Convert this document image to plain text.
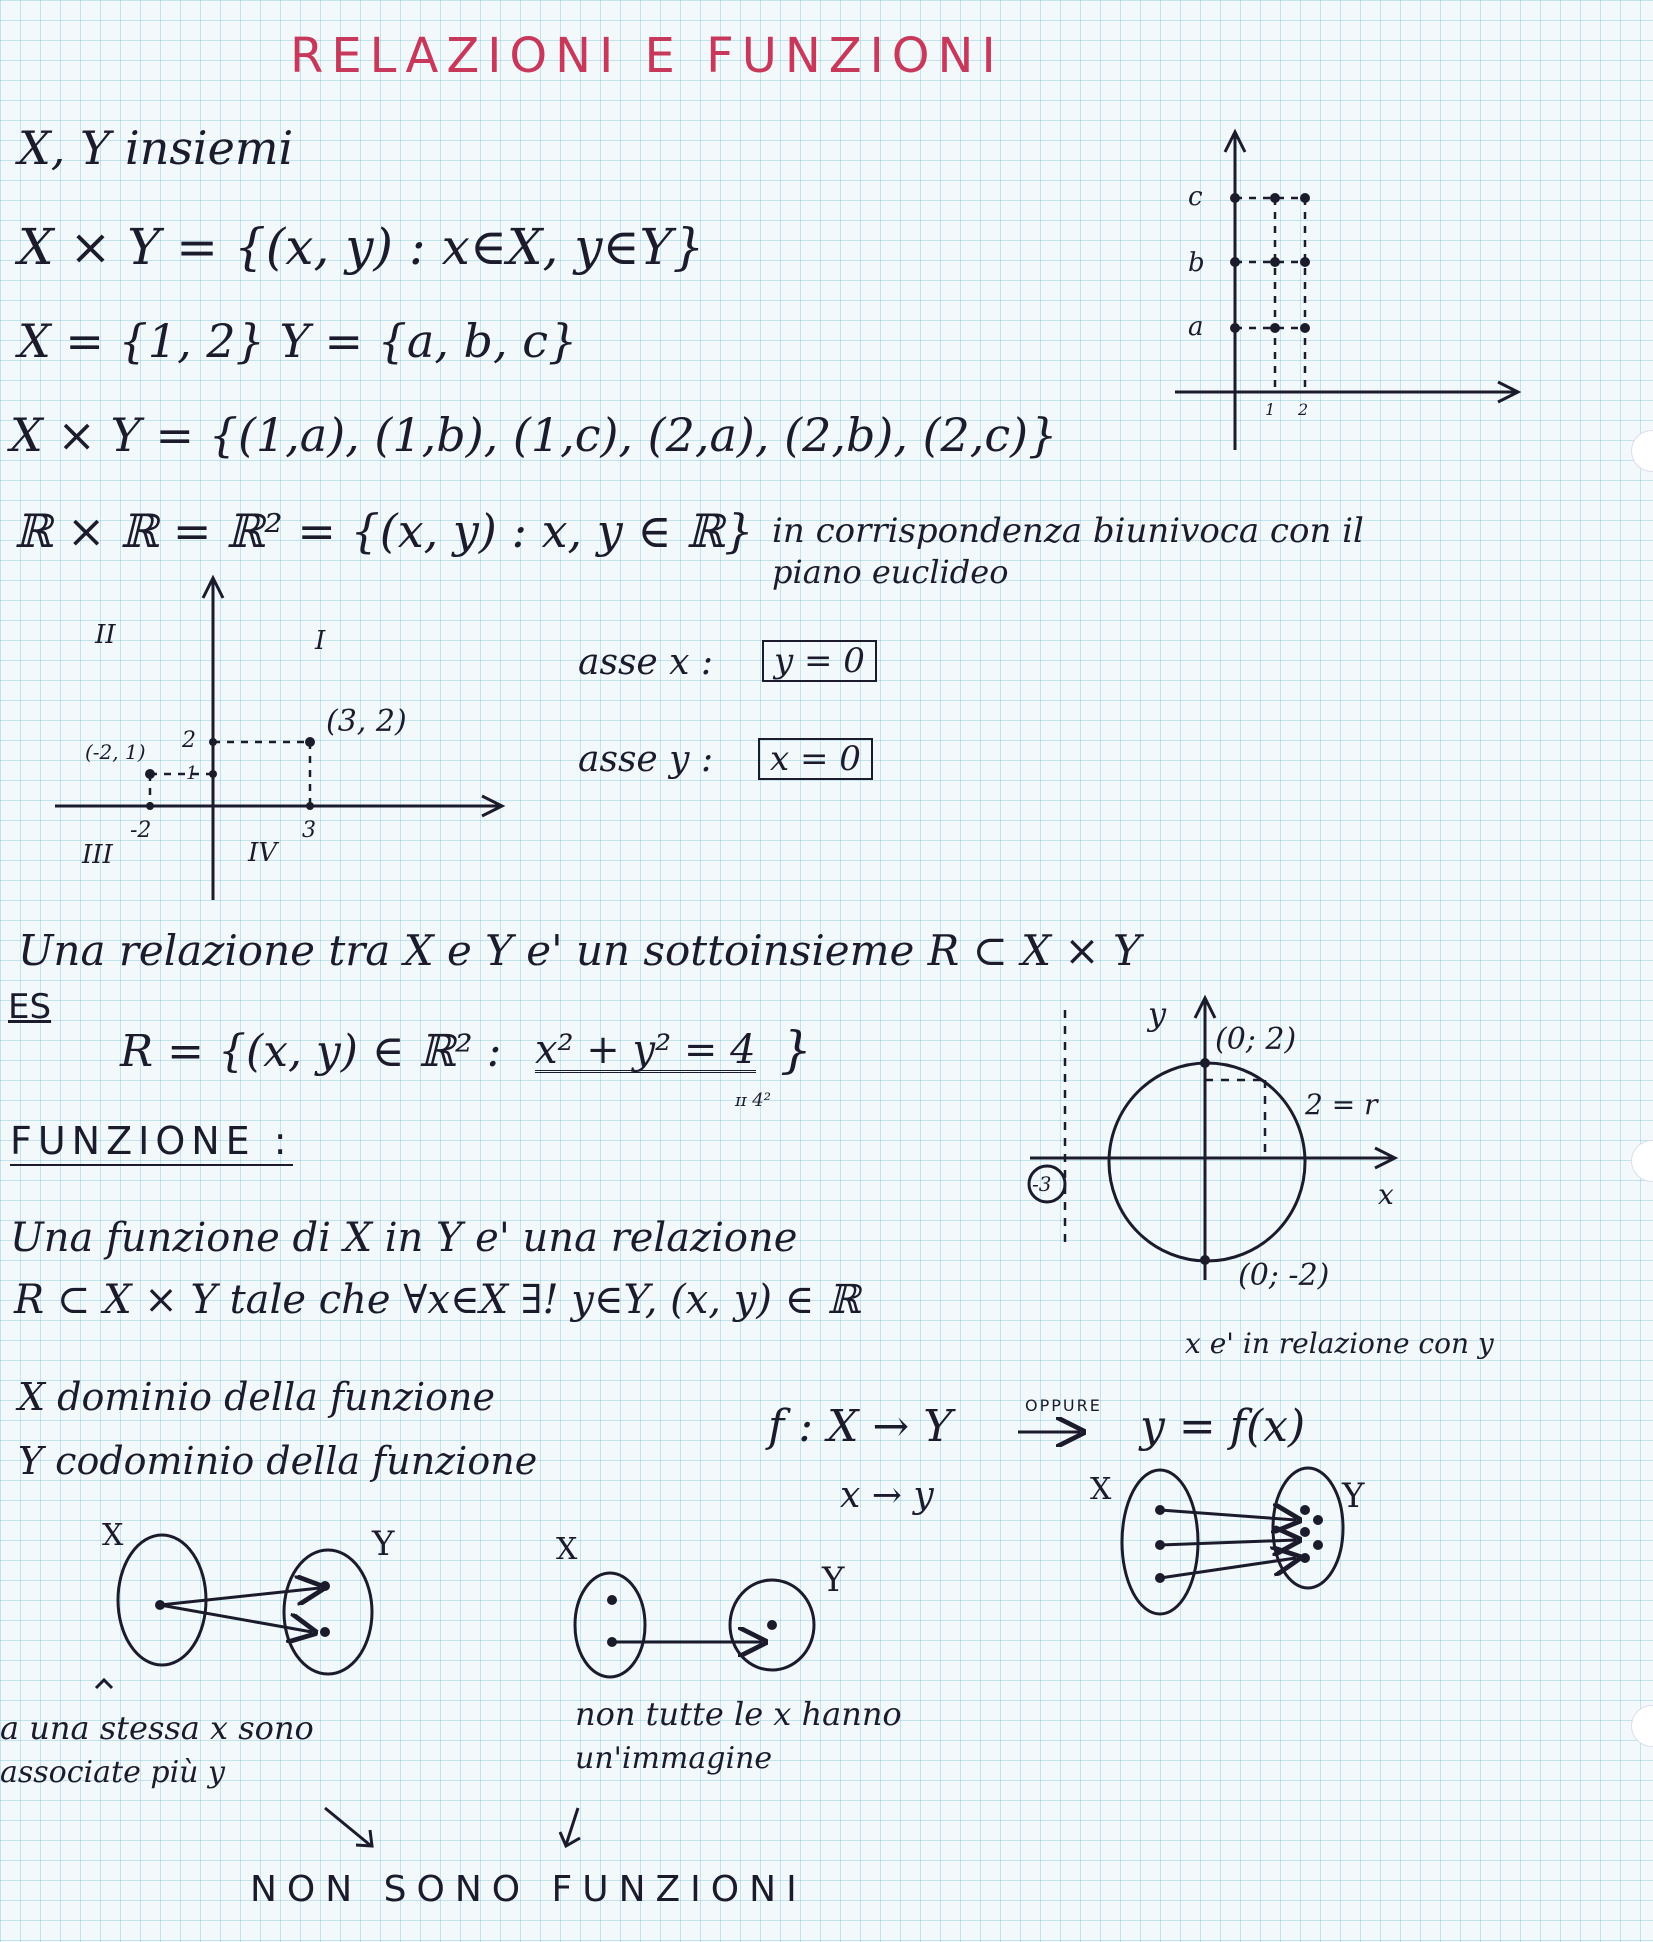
RELAZIONI E FUNZIONI
X, Y insiemi
X × Y = {(x, y) : x∈X, y∈Y}
X = {1, 2} Y = {a, b, c}
X × Y = {(1,a), (1,b), (1,c), (2,a), (2,b), (2,c)}
ℝ × ℝ = ℝ² = {(x, y) : x, y ∈ ℝ} in corrispondenza biunivoca con il
piano euclideo
asse x :	y = 0
asse y :	x = 0
Una relazione tra X e Y e' un sottoinsieme R ⊂ X × Y
ES
R = {(x, y) ∈ ℝ² : x² + y² = 4 }
ɪɪ 4²
FUNZIONE :
Una funzione di X in Y e' una relazione
R ⊂ X × Y tale che ∀x∈X ∃! y∈Y, (x, y) ∈ ℝ
x e' in relazione con y
X dominio della funzione
Y codominio della funzione
f : X → Y	OPPURE y = f(x)
x → y
a una stessa x sono
associate più y
non tutte le x hanno
un'immagine
NON SONO FUNZIONI
c
b
a
1 2
II	I
III	IV
(3, 2)
(-2, 1) 2
1
-2	3
y
x
(0; 2)
(0; -2)
2 = r
-3
X	Y	X
Y
X	Y
